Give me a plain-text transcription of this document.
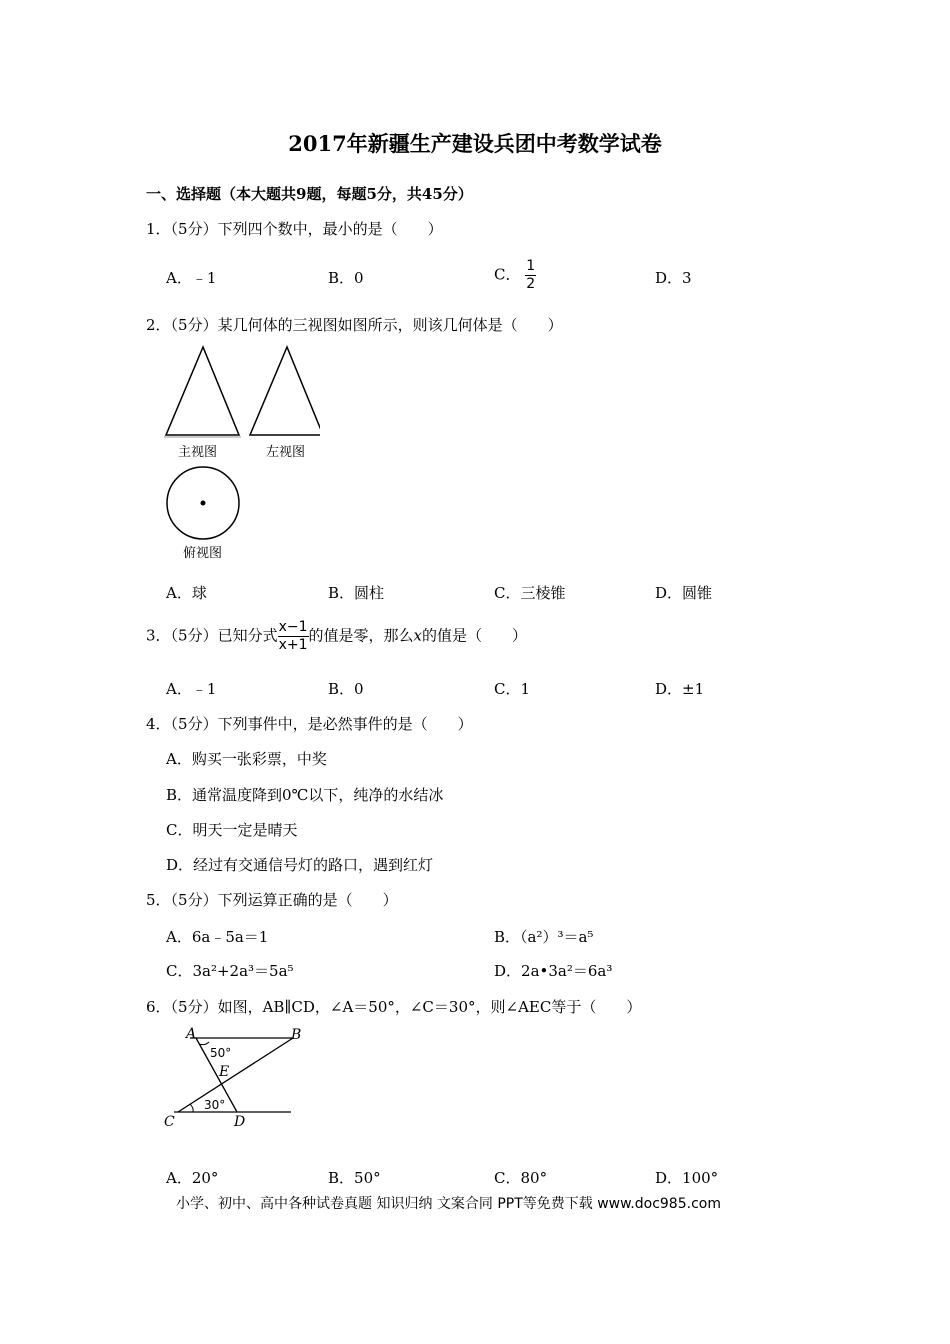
2017年新疆生产建设兵团中考数学试卷
一、选择题（本大题共9题，每题5分，共45分）
1．（5分）下列四个数中，最小的是（　　）
A．﹣1	B．0	C． $\frac{1}{2}$	D．3
2．（5分）某几何体的三视图如图所示，则该几何体是（　　）
主视图	左视图
俯视图
A．球	B．圆柱	C．三棱锥	D．圆锥
3．（5分）已知分式 $\frac{x-1}{x+1}$ 的值是零，那么x的值是（　　）
A．﹣1	B．0	C．1	D．±1
4．（5分）下列事件中，是必然事件的是（　　）
A．购买一张彩票，中奖
B．通常温度降到0℃以下，纯净的水结冰
C．明天一定是晴天
D．经过有交通信号灯的路口，遇到红灯
5．（5分）下列运算正确的是（　　）
A．6a﹣5a＝1	B．（a²）³＝a⁵
C．3a²+2a³＝5a⁵	D．2a•3a²＝6a³
6．（5分）如图，AB∥CD，∠A＝50°，∠C＝30°，则∠AEC等于（　　）
A	B
C	D
E
50°
30°
A．20°	B．50°	C．80°	D．100°
小学、初中、高中各种试卷真题 知识归纳 文案合同 PPT等免费下载 www.doc985.com
